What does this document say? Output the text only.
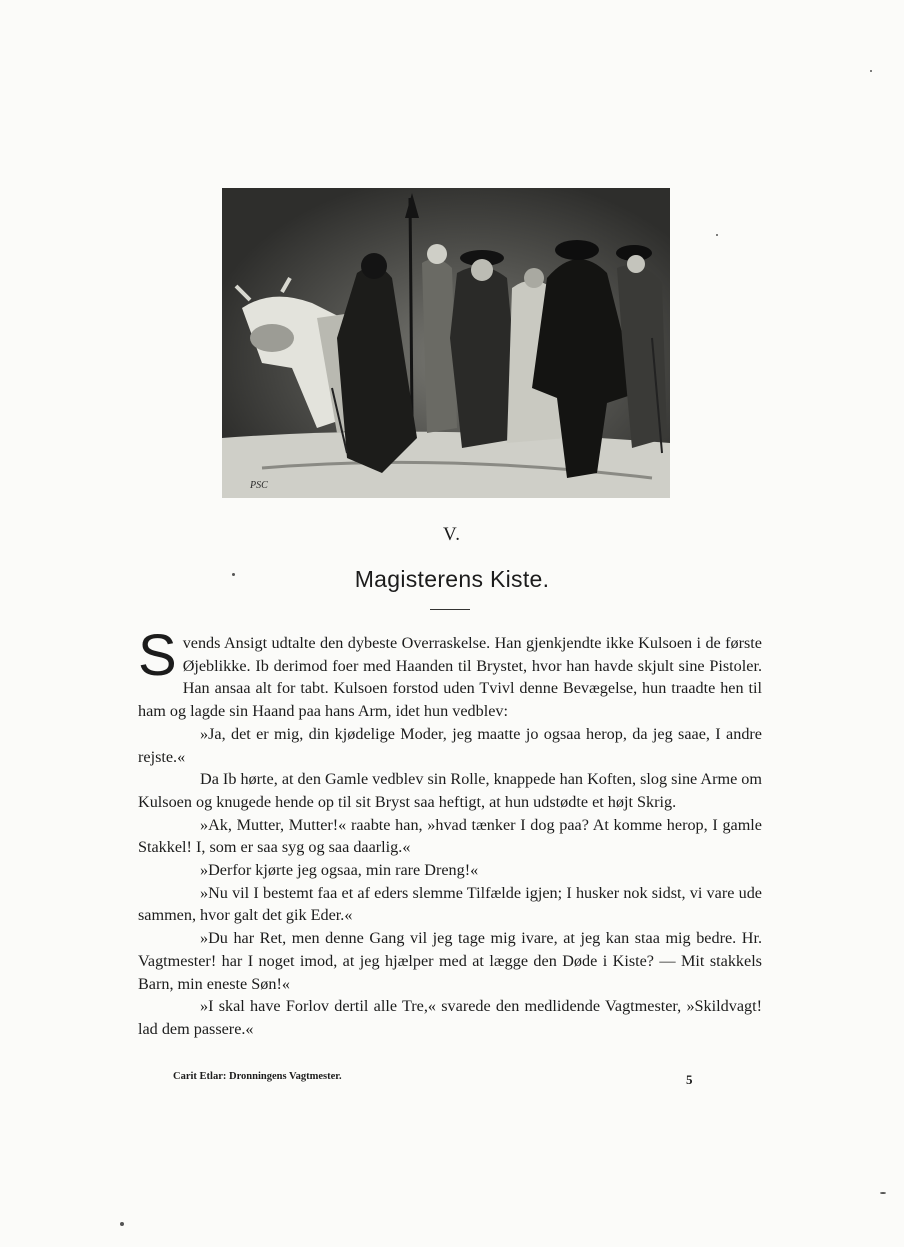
PSC
V.
Magisterens Kiste.

Svends Ansigt udtalte den dybeste Overraskelse. Han gjenkjendte ikke Kulsoen i de første Øjeblikke. Ib derimod foer med Haanden til Brystet, hvor han havde skjult sine Pistoler. Han ansaa alt for tabt. Kulsoen forstod uden Tvivl denne Bevægelse, hun traadte hen til ham og lagde sin Haand paa hans Arm, idet hun vedblev:

»Ja, det er mig, din kjødelige Moder, jeg maatte jo ogsaa herop, da jeg saae, I andre rejste.«

Da Ib hørte, at den Gamle vedblev sin Rolle, knappede han Koften, slog sine Arme om Kulsoen og knugede hende op til sit Bryst saa heftigt, at hun udstødte et højt Skrig.

»Ak, Mutter, Mutter!« raabte han, »hvad tænker I dog paa? At komme herop, I gamle Stakkel! I, som er saa syg og saa daarlig.«

»Derfor kjørte jeg ogsaa, min rare Dreng!«

»Nu vil I bestemt faa et af eders slemme Tilfælde igjen; I husker nok sidst, vi vare ude sammen, hvor galt det gik Eder.«

»Du har Ret, men denne Gang vil jeg tage mig ivare, at jeg kan staa mig bedre. Hr. Vagtmester! har I noget imod, at jeg hjælper med at lægge den Døde i Kiste? — Mit stakkels Barn, min eneste Søn!«

»I skal have Forlov dertil alle Tre,« svarede den medlidende Vagtmester, »Skildvagt! lad dem passere.«

Carit Etlar: Dronningens Vagtmester.	5
